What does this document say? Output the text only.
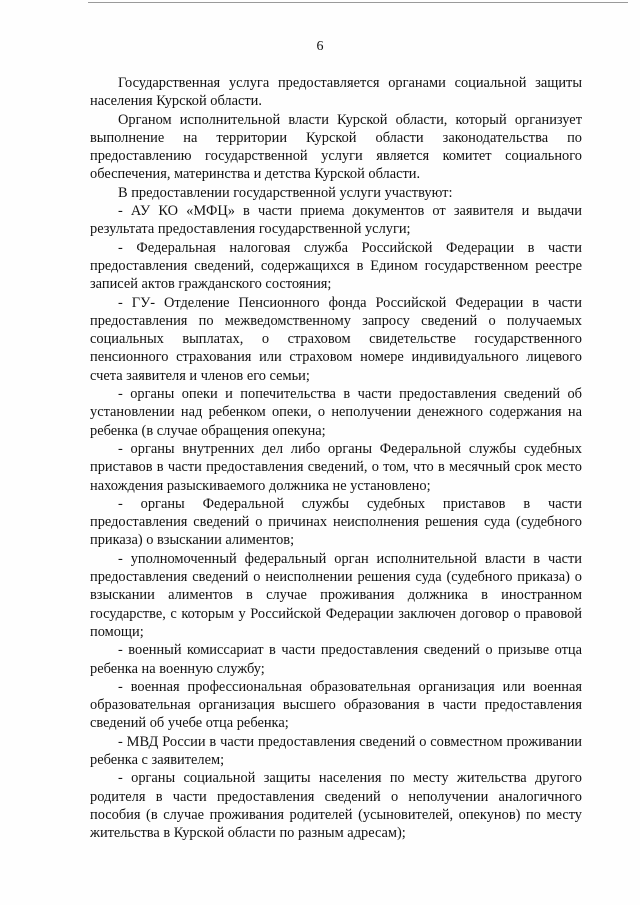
6

Государственная услуга предоставляется органами социальной защиты населения Курской области.

Органом исполнительной власти Курской области, который организует выполнение на территории Курской области законодательства по предоставлению государственной услуги является комитет социального обеспечения, материнства и детства Курской области.

В предоставлении государственной услуги участвуют:

- АУ КО «МФЦ» в части приема документов от заявителя и выдачи результата предоставления государственной услуги;

- Федеральная налоговая служба Российской Федерации в части предоставления сведений, содержащихся в Едином государственном реестре записей актов гражданского состояния;

- ГУ- Отделение Пенсионного фонда Российской Федерации в части предоставления по межведомственному запросу сведений о получаемых социальных выплатах, о страховом свидетельстве государственного пенсионного страхования или страховом номере индивидуального лицевого счета заявителя и членов его семьи;

- органы опеки и попечительства в части предоставления сведений об установлении над ребенком опеки, о неполучении денежного содержания на ребенка (в случае обращения опекуна;

- органы внутренних дел либо органы Федеральной службы судебных приставов в части предоставления сведений, о том, что в месячный срок место нахождения разыскиваемого должника не установлено;

- органы Федеральной службы судебных приставов в части предоставления сведений о причинах неисполнения решения суда (судебного приказа) о взыскании алиментов;

- уполномоченный федеральный орган исполнительной власти в части предоставления сведений о неисполнении решения суда (судебного приказа) о взыскании алиментов в случае проживания должника в иностранном государстве, с которым у Российской Федерации заключен договор о правовой помощи;

- военный комиссариат в части предоставления сведений о призыве отца ребенка на военную службу;

- военная профессиональная образовательная организация или военная образовательная организация высшего образования в части предоставления сведений об учебе отца ребенка;

- МВД России в части предоставления сведений о совместном проживании ребенка с заявителем;

- органы социальной защиты населения по месту жительства другого родителя в части предоставления сведений о неполучении аналогичного пособия (в случае проживания родителей (усыновителей, опекунов) по месту жительства в Курской области по разным адресам);
